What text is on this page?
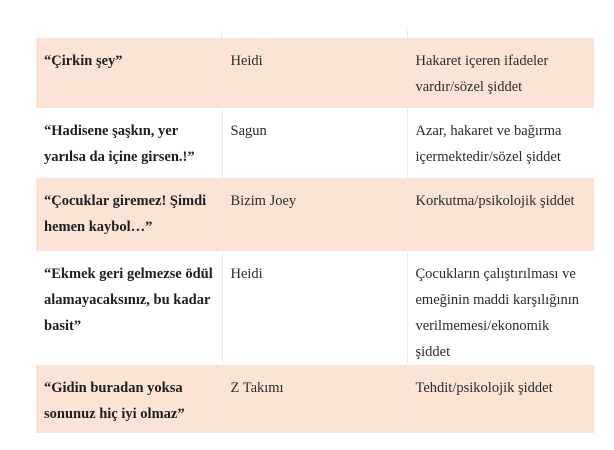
“Çirkin şey”	Heidi	Hakaret içeren ifadeler vardır/sözel şiddet
“Hadisene şaşkın, yer yarılsa da içine girsen.!”	Sagun	Azar, hakaret ve bağırma içermektedir/sözel şiddet
“Çocuklar giremez! Şimdi hemen kaybol…”	Bizim Joey	Korkutma/psikolojik şiddet
“Ekmek geri gelmezse ödül alamayacaksınız, bu kadar basit”	Heidi	Çocukların çalıştırılması ve emeğinin maddi karşılığının verilmemesi/ekonomik şiddet
“Gidin buradan yoksa sonunuz hiç iyi olmaz”	Z Takımı	Tehdit/psikolojik şiddet
